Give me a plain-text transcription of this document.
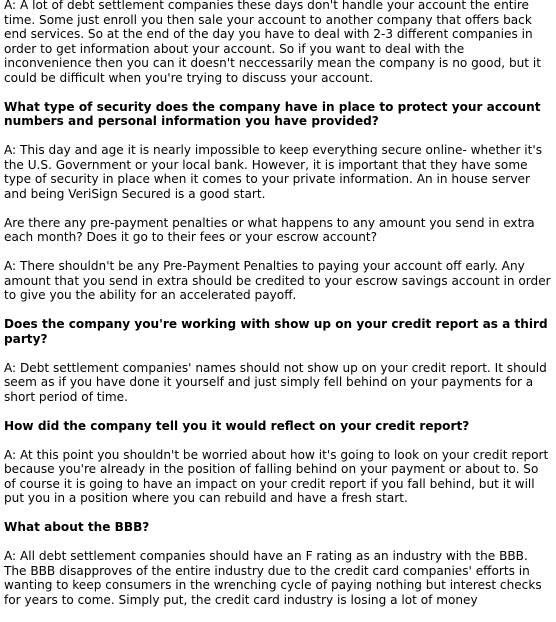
A: A lot of debt settlement companies these days don't handle your account the entire time. Some just enroll you then sale your account to another company that offers back end services. So at the end of the day you have to deal with 2-3 different companies in order to get information about your account. So if you want to deal with the inconvenience then you can it doesn't neccessarily mean the company is no good, but it could be difficult when you're trying to discuss your account.

What type of security does the company have in place to protect your account numbers and personal information you have provided?

A: This day and age it is nearly impossible to keep everything secure online- whether it's the U.S. Government or your local bank. However, it is important that they have some type of security in place when it comes to your private information. An in house server and being VeriSign Secured is a good start.

Are there any pre-payment penalties or what happens to any amount you send in extra each month? Does it go to their fees or your escrow account?

A: There shouldn't be any Pre-Payment Penalties to paying your account off early. Any amount that you send in extra should be credited to your escrow savings account in order to give you the ability for an accelerated payoff.

Does the company you're working with show up on your credit report as a third party?

A: Debt settlement companies' names should not show up on your credit report. It should seem as if you have done it yourself and just simply fell behind on your payments for a short period of time.

How did the company tell you it would reflect on your credit report?

A: At this point you shouldn't be worried about how it's going to look on your credit report because you're already in the position of falling behind on your payment or about to. So of course it is going to have an impact on your credit report if you fall behind, but it will put you in a position where you can rebuild and have a fresh start.

What about the BBB?

A: All debt settlement companies should have an F rating as an industry with the BBB. The BBB disapproves of the entire industry due to the credit card companies' efforts in wanting to keep consumers in the wrenching cycle of paying nothing but interest checks for years to come. Simply put, the credit card industry is losing a lot of money
